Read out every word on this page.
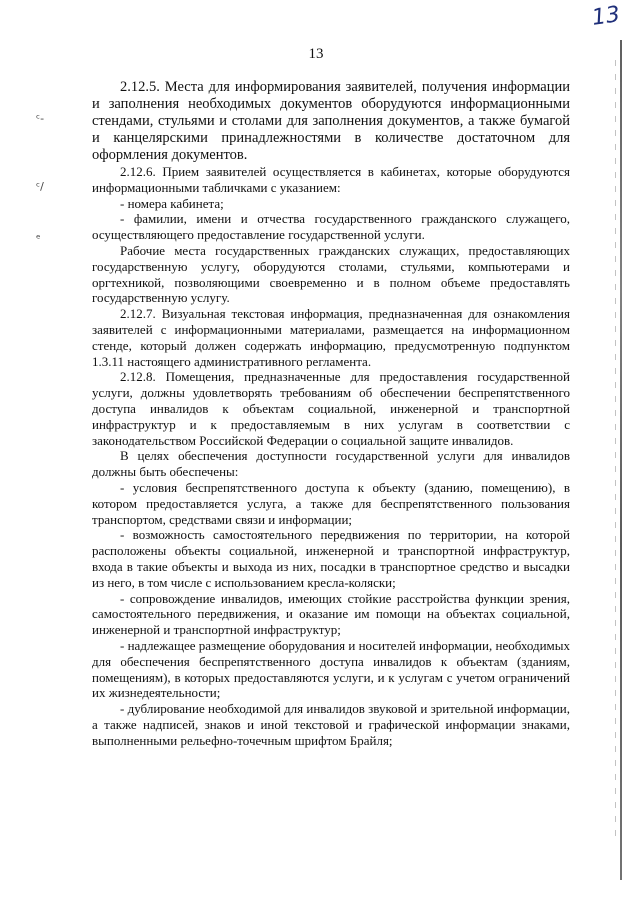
13
ᶜ-
ᶜ/
ᵉ
13

2.12.5. Места для информирования заявителей, получения информации и заполнения необходимых документов оборудуются информационными стендами, стульями и столами для заполнения документов, а также бумагой и канцелярскими принадлежностями в количестве достаточном для оформления документов.

2.12.6. Прием заявителей осуществляется в кабинетах, которые оборудуются информационными табличками с указанием:

- номера кабинета;

- фамилии, имени и отчества государственного гражданского служащего, осуществляющего предоставление государственной услуги.

Рабочие места государственных гражданских служащих, предоставляющих государственную услугу, оборудуются столами, стульями, компьютерами и оргтехникой, позволяющими своевременно и в полном объеме предоставлять государственную услугу.

2.12.7. Визуальная текстовая информация, предназначенная для ознакомления заявителей с информационными материалами, размещается на информационном стенде, который должен содержать информацию, предусмотренную подпунктом 1.3.11 настоящего административного регламента.

2.12.8. Помещения, предназначенные для предоставления государственной услуги, должны удовлетворять требованиям об обеспечении беспрепятственного доступа инвалидов к объектам социальной, инженерной и транспортной инфраструктур и к предоставляемым в них услугам в соответствии с законодательством Российской Федерации о социальной защите инвалидов.

В целях обеспечения доступности государственной услуги для инвалидов должны быть обеспечены:

- условия беспрепятственного доступа к объекту (зданию, помещению), в котором предоставляется услуга, а также для беспрепятственного пользования транспортом, средствами связи и информации;

- возможность самостоятельного передвижения по территории, на которой расположены объекты социальной, инженерной и транспортной инфраструктур, входа в такие объекты и выхода из них, посадки в транспортное средство и высадки из него, в том числе с использованием кресла-коляски;

- сопровождение инвалидов, имеющих стойкие расстройства функции зрения, самостоятельного передвижения, и оказание им помощи на объектах социальной, инженерной и транспортной инфраструктур;

- надлежащее размещение оборудования и носителей информации, необходимых для обеспечения беспрепятственного доступа инвалидов к объектам (зданиям, помещениям), в которых предоставляются услуги, и к услугам с учетом ограничений их жизнедеятельности;

- дублирование необходимой для инвалидов звуковой и зрительной информации, а также надписей, знаков и иной текстовой и графической информации знаками, выполненными рельефно-точечным шрифтом Брайля;
